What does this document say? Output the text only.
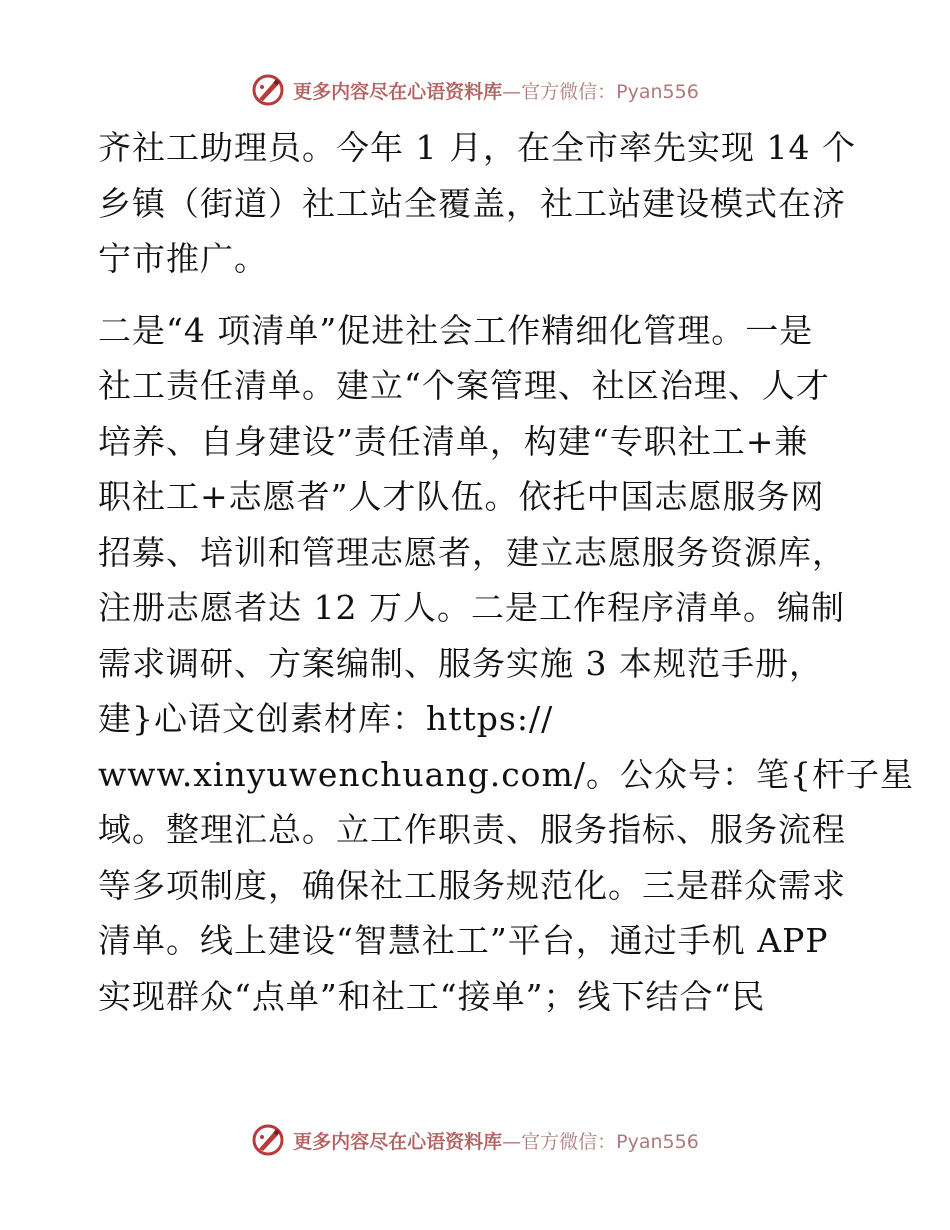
更多内容尽在心语资料库—官方微信：Pyan556
齐社工助理员。今年 1 月，在全市率先实现 14 个
乡镇（街道）社工站全覆盖，社工站建设模式在济
宁市推广。
二是“4 项清单”促进社会工作精细化管理。一是
社工责任清单。建立“个案管理、社区治理、人才
培养、自身建设”责任清单，构建“专职社工+兼
职社工+志愿者”人才队伍。依托中国志愿服务网
招募、培训和管理志愿者，建立志愿服务资源库，
注册志愿者达 12 万人。二是工作程序清单。编制
需求调研、方案编制、服务实施 3 本规范手册，
建}心语文创素材库：https://
www.xinyuwenchuang.com/。公众号：笔{杆子星
域。整理汇总。立工作职责、服务指标、服务流程
等多项制度，确保社工服务规范化。三是群众需求
清单。线上建设“智慧社工”平台，通过手机 APP
实现群众“点单”和社工“接单”；线下结合“民
更多内容尽在心语资料库—官方微信：Pyan556
